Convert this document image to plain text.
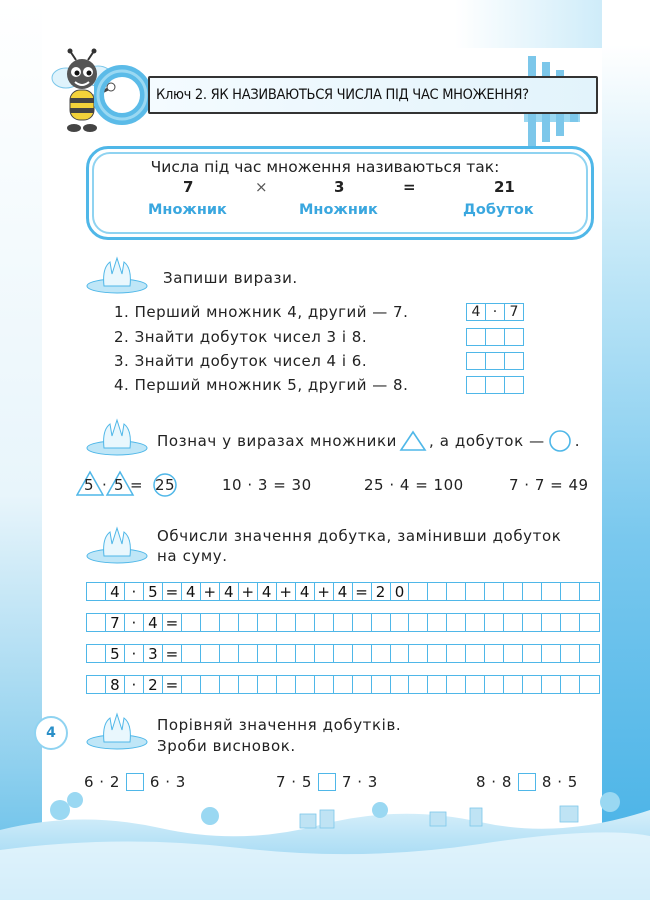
Ключ 2. ЯК НАЗИВАЮТЬСЯ ЧИСЛА ПІД ЧАС МНОЖЕННЯ?
Числа під час множення називаються так:
7	×	3	=	21
Множник	Множник	Добуток
Запиши вирази.
1. Перший множник 4, другий — 7.	4 · 7
2. Знайти добуток чисел 3 і 8.
3. Знайти добуток чисел 4 і 6.
4. Перший множник 5, другий — 8.
Познач у виразах множники , а добуток — .
5 · 5 = 25	10 · 3 = 30	25 · 4 = 100	7 · 7 = 49
Обчисли значення добутка, замінивши добуток
на суму.
4 · 5 = 4 + 4 + 4 + 4 + 4 = 2 0
7 · 4 =
5 · 3 =
8 · 2 =
4	Порівняй значення добутків.
Зроби висновок.
6 · 2 6 · 3	7 · 5 7 · 3	8 · 8 8 · 5
